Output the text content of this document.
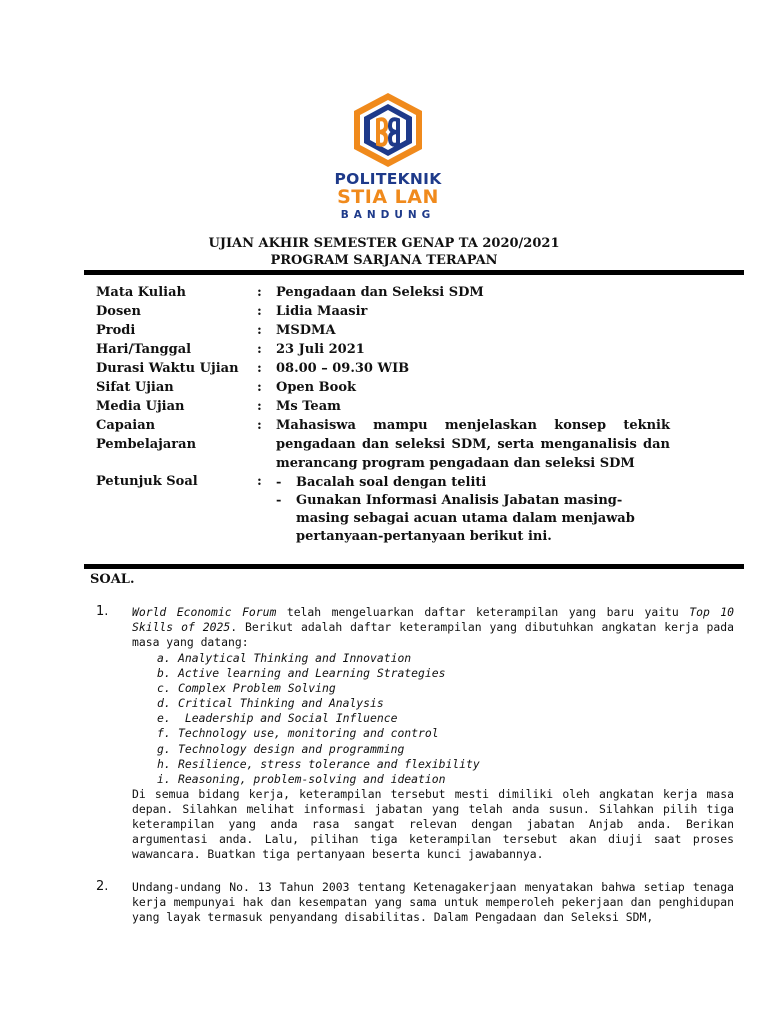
POLITEKNIK
STIA LAN
BANDUNG
UJIAN AKHIR SEMESTER GENAP TA 2020/2021
PROGRAM SARJANA TERAPAN
Mata Kuliah	: Pengadaan dan Seleksi SDM
Dosen	: Lidia Maasir
Prodi	: MSDMA
Hari/Tanggal	: 23 Juli 2021
Durasi Waktu Ujian : 08.00 – 09.30 WIB
Sifat Ujian	: Open Book
Media Ujian	: Ms Team
Capaian
Pembelajaran
: Mahasiswa mampu menjelaskan konsep teknik
pengadaan dan seleksi SDM, serta menganalisis dan
merancang program pengadaan dan seleksi SDM
Petunjuk Soal	: - Bacalah soal dengan teliti
- Gunakan Informasi Analisis Jabatan masing-masing sebagai acuan utama dalam menjawab pertanyaan-pertanyaan berikut ini.
SOAL.
1. World Economic Forum telah mengeluarkan daftar keterampilan yang baru yaitu Top 10 Skills of 2025. Berikut adalah daftar keterampilan yang dibutuhkan angkatan kerja pada masa yang datang:
a. Analytical Thinking and Innovation
b. Active learning and Learning Strategies
c. Complex Problem Solving
d. Critical Thinking and Analysis
e. Leadership and Social Influence
f. Technology use, monitoring and control
g. Technology design and programming
h. Resilience, stress tolerance and flexibility
i. Reasoning, problem-solving and ideation
Di semua bidang kerja, keterampilan tersebut mesti dimiliki oleh angkatan kerja masa depan. Silahkan melihat informasi jabatan yang telah anda susun. Silahkan pilih tiga keterampilan yang anda rasa sangat relevan dengan jabatan Anjab anda. Berikan argumentasi anda. Lalu, pilihan tiga keterampilan tersebut akan diuji saat proses wawancara. Buatkan tiga pertanyaan beserta kunci jawabannya.
2. Undang-undang No. 13 Tahun 2003 tentang Ketenagakerjaan menyatakan bahwa setiap tenaga kerja mempunyai hak dan kesempatan yang sama untuk memperoleh pekerjaan dan penghidupan yang layak termasuk penyandang disabilitas. Dalam Pengadaan dan Seleksi SDM,
